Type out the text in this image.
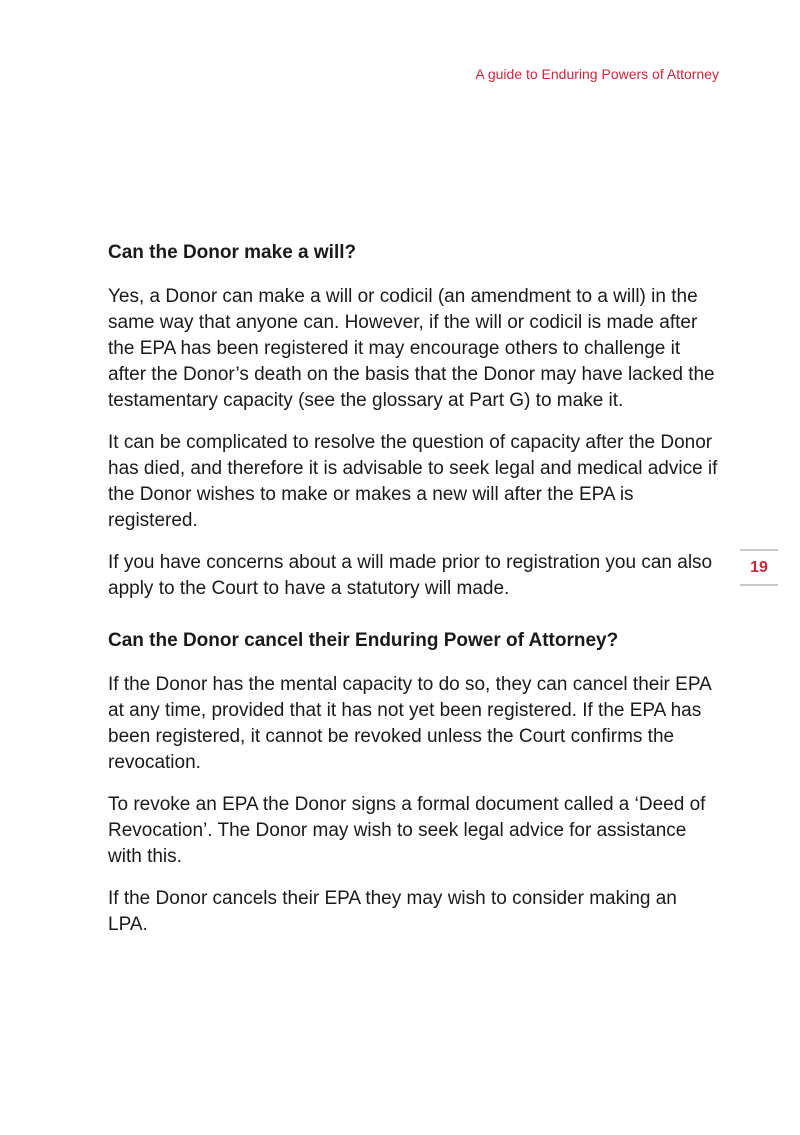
A guide to Enduring Powers of Attorney
Can the Donor make a will?

Yes, a Donor can make a will or codicil (an amendment to a will) in the same way that anyone can. However, if the will or codicil is made after the EPA has been registered it may encourage others to challenge it after the Donor’s death on the basis that the Donor may have lacked the testamentary capacity (see the glossary at Part G) to make it.

It can be complicated to resolve the question of capacity after the Donor has died, and therefore it is advisable to seek legal and medical advice if the Donor wishes to make or makes a new will after the EPA is registered.

If you have concerns about a will made prior to registration you can also apply to the Court to have a statutory will made.

Can the Donor cancel their Enduring Power of Attorney?

If the Donor has the mental capacity to do so, they can cancel their EPA at any time, provided that it has not yet been registered. If the EPA has been registered, it cannot be revoked unless the Court confirms the revocation.

To revoke an EPA the Donor signs a formal document called a ‘Deed of Revocation’. The Donor may wish to seek legal advice for assistance with this.

If the Donor cancels their EPA they may wish to consider making an LPA.

19
